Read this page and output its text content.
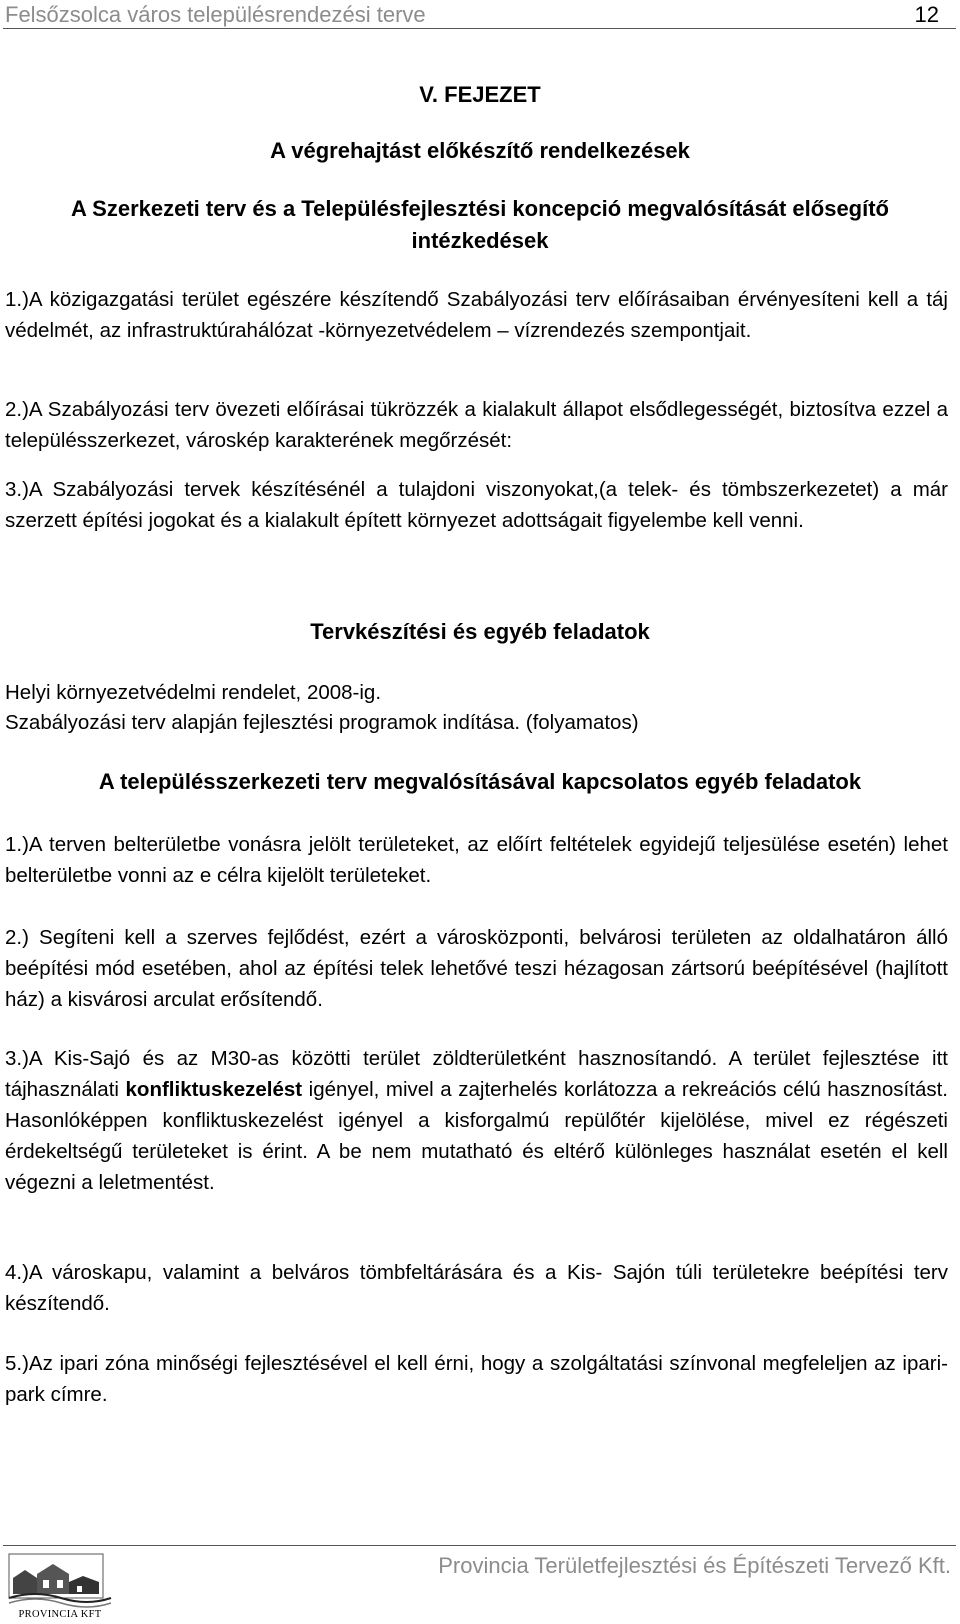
Felsőzsolca város településrendezési terve	12
V. FEJEZET
A végrehajtást előkészítő rendelkezések
A Szerkezeti terv és a Településfejlesztési koncepció megvalósítását elősegítő
intézkedések
1.)A közigazgatási terület egészére készítendő Szabályozási terv előírásaiban érvényesíteni kell a táj védelmét, az infrastruktúrahálózat -környezetvédelem – vízrendezés szempontjait.
2.)A Szabályozási terv övezeti előírásai tükrözzék a kialakult állapot elsődlegességét, biztosítva ezzel a településszerkezet, városkép karakterének megőrzését:
3.)A Szabályozási tervek készítésénél a tulajdoni viszonyokat,(a telek- és tömbszerkezetet) a már szerzett építési jogokat és a kialakult épített környezet adottságait figyelembe kell venni.
Tervkészítési és egyéb feladatok
Helyi környezetvédelmi rendelet, 2008-ig.
Szabályozási terv alapján fejlesztési programok indítása. (folyamatos)
A településszerkezeti terv megvalósításával kapcsolatos egyéb feladatok
1.)A terven belterületbe vonásra jelölt területeket, az előírt feltételek egyidejű teljesülése esetén) lehet belterületbe vonni az e célra kijelölt területeket.
2.) Segíteni kell a szerves fejlődést, ezért a városközponti, belvárosi területen az oldalhatáron álló beépítési mód esetében, ahol az építési telek lehetővé teszi hézagosan zártsorú beépítésével (hajlított ház) a kisvárosi arculat erősítendő.
3.)A Kis-Sajó és az M30-as közötti terület zöldterületként hasznosítandó. A terület fejlesztése itt tájhasználati konfliktuskezelést igényel, mivel a zajterhelés korlátozza a rekreációs célú hasznosítást. Hasonlóképpen konfliktuskezelést igényel a kisforgalmú repülőtér kijelölése, mivel ez régészeti érdekeltségű területeket is érint. A be nem mutatható és eltérő különleges használat esetén el kell végezni a leletmentést.
4.)A városkapu, valamint a belváros tömbfeltárására és a Kis- Sajón túli területekre beépítési terv készítendő.
5.)Az ipari zóna minőségi fejlesztésével el kell érni, hogy a szolgáltatási színvonal megfeleljen az ipari-park címre.
PROVINCIA KFT
Provincia Területfejlesztési és Építészeti Tervező Kft.
